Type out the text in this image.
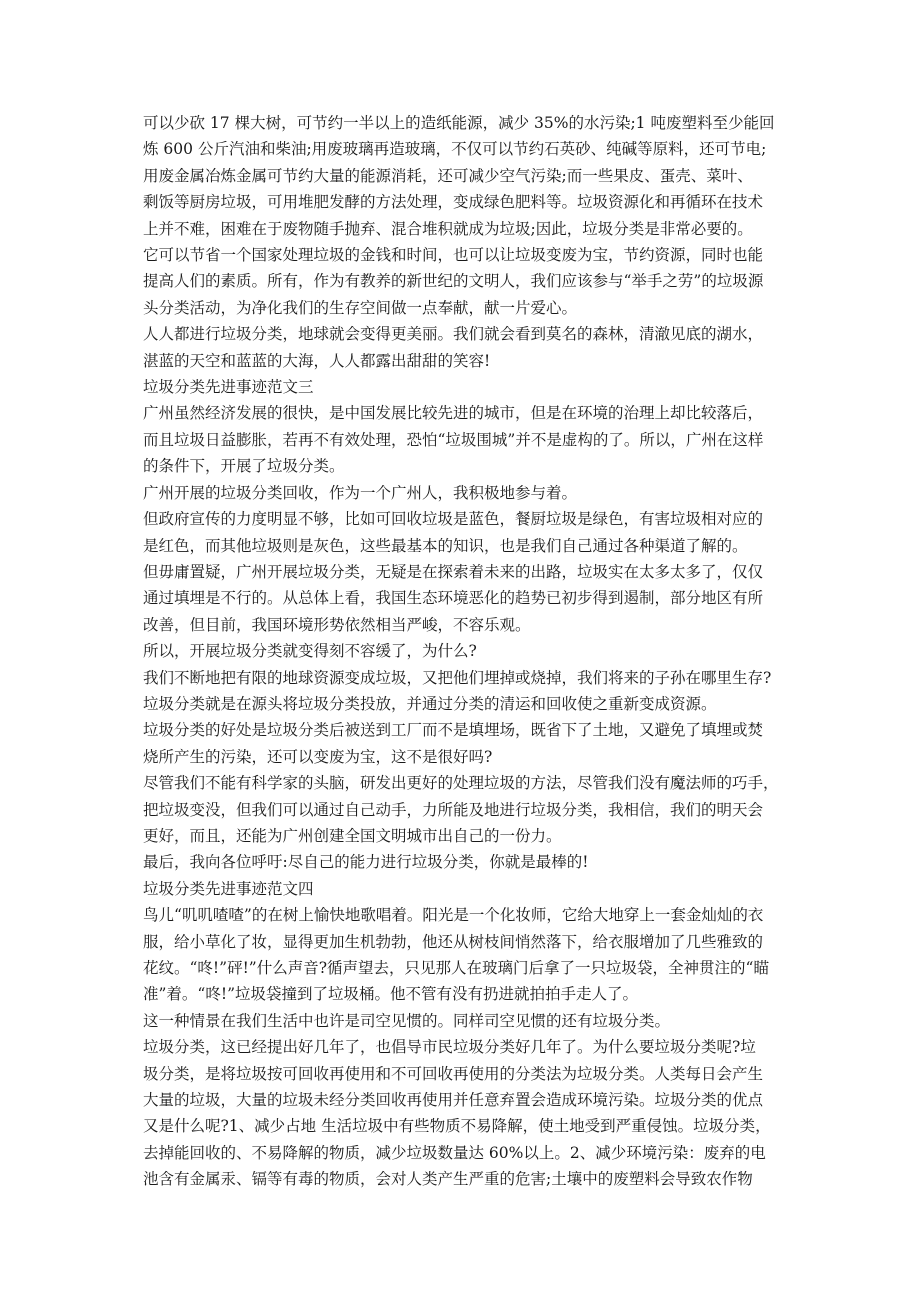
可以少砍 17 棵大树，可节约一半以上的造纸能源，减少 35%的水污染;1 吨废塑料至少能回
炼 600 公斤汽油和柴油;用废玻璃再造玻璃，不仅可以节约石英砂、纯碱等原料，还可节电;
用废金属冶炼金属可节约大量的能源消耗，还可减少空气污染;而一些果皮、蛋壳、菜叶、
剩饭等厨房垃圾，可用堆肥发酵的方法处理，变成绿色肥料等。垃圾资源化和再循环在技术
上并不难，困难在于废物随手抛弃、混合堆积就成为垃圾;因此，垃圾分类是非常必要的。

它可以节省一个国家处理垃圾的金钱和时间，也可以让垃圾变废为宝，节约资源，同时也能
提高人们的素质。所有，作为有教养的新世纪的文明人，我们应该参与“举手之劳”的垃圾源
头分类活动，为净化我们的生存空间做一点奉献，献一片爱心。

人人都进行垃圾分类，地球就会变得更美丽。我们就会看到莫名的森林，清澈见底的湖水，
湛蓝的天空和蓝蓝的大海，人人都露出甜甜的笑容!

垃圾分类先进事迹范文三

广州虽然经济发展的很快，是中国发展比较先进的城市，但是在环境的治理上却比较落后，
而且垃圾日益膨胀，若再不有效处理，恐怕“垃圾围城”并不是虚构的了。所以，广州在这样
的条件下，开展了垃圾分类。

广州开展的垃圾分类回收，作为一个广州人，我积极地参与着。

但政府宣传的力度明显不够，比如可回收垃圾是蓝色，餐厨垃圾是绿色，有害垃圾相对应的
是红色，而其他垃圾则是灰色，这些最基本的知识，也是我们自己通过各种渠道了解的。

但毋庸置疑，广州开展垃圾分类，无疑是在探索着未来的出路，垃圾实在太多太多了，仅仅
通过填埋是不行的。从总体上看，我国生态环境恶化的趋势已初步得到遏制，部分地区有所
改善，但目前，我国环境形势依然相当严峻，不容乐观。

所以，开展垃圾分类就变得刻不容缓了，为什么?

我们不断地把有限的地球资源变成垃圾，又把他们埋掉或烧掉，我们将来的子孙在哪里生存?

垃圾分类就是在源头将垃圾分类投放，并通过分类的清运和回收使之重新变成资源。

垃圾分类的好处是垃圾分类后被送到工厂而不是填埋场，既省下了土地，又避免了填埋或焚
烧所产生的污染，还可以变废为宝，这不是很好吗?

尽管我们不能有科学家的头脑，研发出更好的处理垃圾的方法，尽管我们没有魔法师的巧手，
把垃圾变没，但我们可以通过自己动手，力所能及地进行垃圾分类，我相信，我们的明天会
更好，而且，还能为广州创建全国文明城市出自己的一份力。

最后，我向各位呼吁:尽自己的能力进行垃圾分类，你就是最棒的!

垃圾分类先进事迹范文四

鸟儿“叽叽喳喳”的在树上愉快地歌唱着。阳光是一个化妆师，它给大地穿上一套金灿灿的衣
服，给小草化了妆，显得更加生机勃勃，他还从树枝间悄然落下，给衣服增加了几些雅致的
花纹。“咚!”砰!”什么声音?循声望去，只见那人在玻璃门后拿了一只垃圾袋，全神贯注的“瞄
准”着。“咚!”垃圾袋撞到了垃圾桶。他不管有没有扔进就拍拍手走人了。

这一种情景在我们生活中也许是司空见惯的。同样司空见惯的还有垃圾分类。

垃圾分类，这已经提出好几年了，也倡导市民垃圾分类好几年了。为什么要垃圾分类呢?垃
圾分类，是将垃圾按可回收再使用和不可回收再使用的分类法为垃圾分类。人类每日会产生
大量的垃圾，大量的垃圾未经分类回收再使用并任意弃置会造成环境污染。垃圾分类的优点
又是什么呢?1、减少占地 生活垃圾中有些物质不易降解，使土地受到严重侵蚀。垃圾分类，
去掉能回收的、不易降解的物质，减少垃圾数量达 60%以上。2、减少环境污染：废弃的电
池含有金属汞、镉等有毒的物质，会对人类产生严重的危害;土壤中的废塑料会导致农作物
